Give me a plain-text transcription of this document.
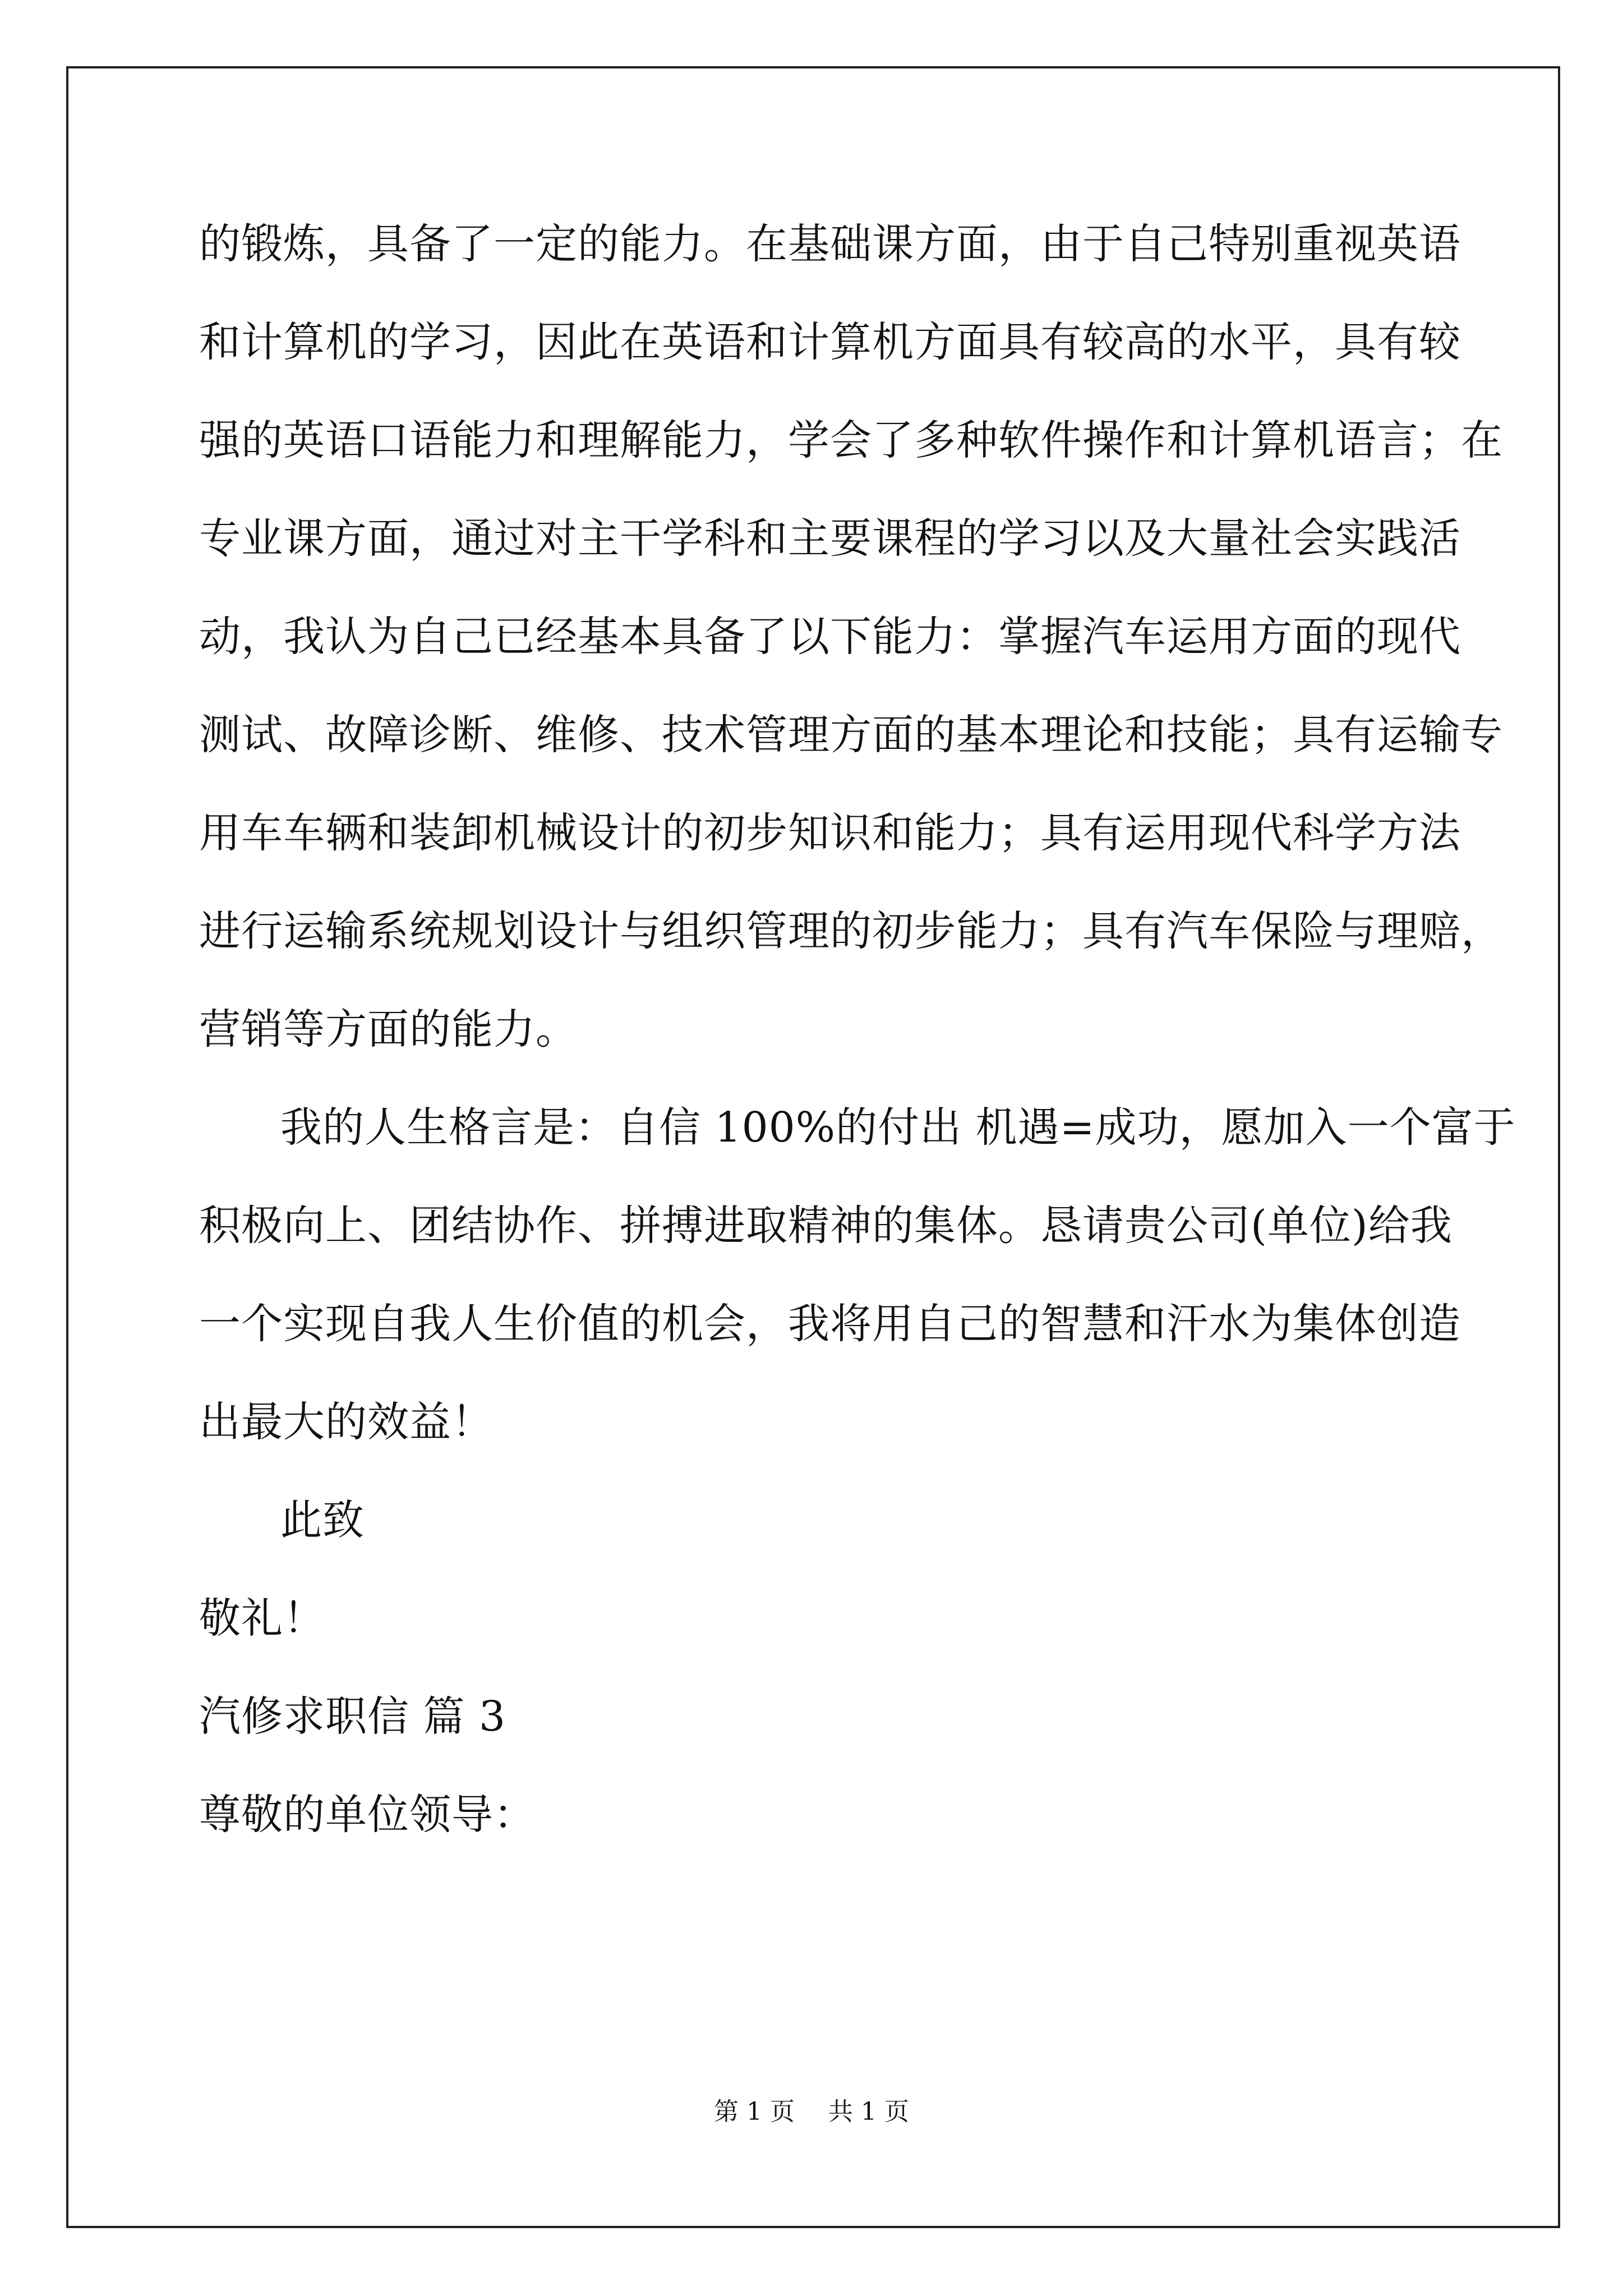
的锻炼，具备了一定的能力。在基础课方面，由于自己特别重视英语
和计算机的学习，因此在英语和计算机方面具有较高的水平，具有较
强的英语口语能力和理解能力，学会了多种软件操作和计算机语言；在
专业课方面，通过对主干学科和主要课程的学习以及大量社会实践活
动，我认为自己已经基本具备了以下能力：掌握汽车运用方面的现代
测试、故障诊断、维修、技术管理方面的基本理论和技能；具有运输专
用车车辆和装卸机械设计的初步知识和能力；具有运用现代科学方法
进行运输系统规划设计与组织管理的初步能力；具有汽车保险与理赔，
营销等方面的能力。
我的人生格言是：自信 100%的付出 机遇=成功，愿加入一个富于
积极向上、团结协作、拼搏进取精神的集体。恳请贵公司(单位)给我
一个实现自我人生价值的机会，我将用自己的智慧和汗水为集体创造
出最大的效益！
此致
敬礼！
汽修求职信 篇 3
尊敬的单位领导：
第 1 页 共 1 页
